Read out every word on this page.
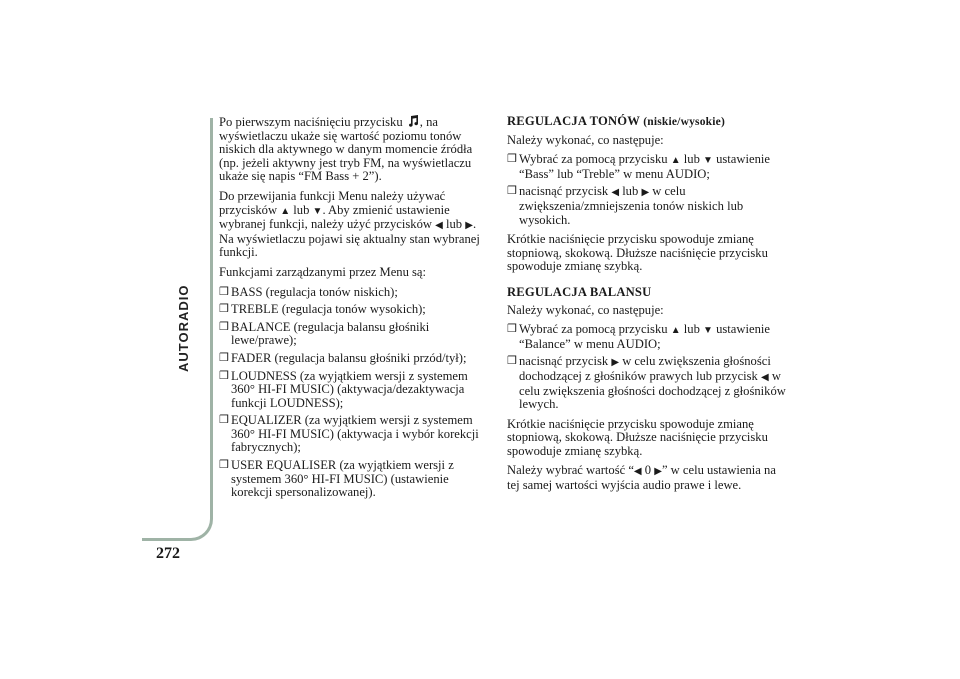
AUTORADIO
272

Po pierwszym naciśnięciu przycisku , na wyświetlaczu ukaże się wartość poziomu tonów niskich dla aktywnego w danym momencie źródła (np. jeżeli aktywny jest tryb FM, na wyświetlaczu ukaże się napis “FM Bass + 2”).

Do przewijania funkcji Menu należy używać przycisków ▲ lub ▼. Aby zmienić ustawienie wybranej funkcji, należy użyć przycisków ◀ lub ▶. Na wyświetlaczu pojawi się aktualny stan wybranej funkcji.

Funkcjami zarządzanymi przez Menu są:

❒ BASS (regulacja tonów niskich);
❒ TREBLE (regulacja tonów wysokich);
❒ BALANCE (regulacja balansu głośniki lewe/prawe);
❒ FADER (regulacja balansu głośniki przód/tył);
❒ LOUDNESS (za wyjątkiem wersji z systemem 360° HI-FI MUSIC) (aktywacja/dezaktywacja funkcji LOUDNESS);
❒ EQUALIZER (za wyjątkiem wersji z systemem 360° HI-FI MUSIC) (aktywacja i wybór korekcji fabrycznych);
❒ USER EQUALISER (za wyjątkiem wersji z systemem 360° HI-FI MUSIC) (ustawienie korekcji spersonalizowanej).
REGULACJA TONÓW (niskie/wysokie)

Należy wykonać, co następuje:

❒ Wybrać za pomocą przycisku ▲ lub ▼ ustawienie “Bass” lub “Treble” w menu AUDIO;
❒ nacisnąć przycisk ◀ lub ▶ w celu zwiększenia/zmniejszenia tonów niskich lub wysokich.

Krótkie naciśnięcie przycisku spowoduje zmianę stopniową, skokową. Dłuższe naciśnięcie przycisku spowoduje zmianę szybką.

REGULACJA BALANSU

Należy wykonać, co następuje:

❒ Wybrać za pomocą przycisku ▲ lub ▼ ustawienie “Balance” w menu AUDIO;
❒ nacisnąć przycisk ▶ w celu zwiększenia głośności dochodzącej z głośników prawych lub przycisk ◀ w celu zwiększenia głośności dochodzącej z głośników lewych.

Krótkie naciśnięcie przycisku spowoduje zmianę stopniową, skokową. Dłuższe naciśnięcie przycisku spowoduje zmianę szybką.

Należy wybrać wartość “◀ 0 ▶” w celu ustawienia na tej samej wartości wyjścia audio prawe i lewe.
